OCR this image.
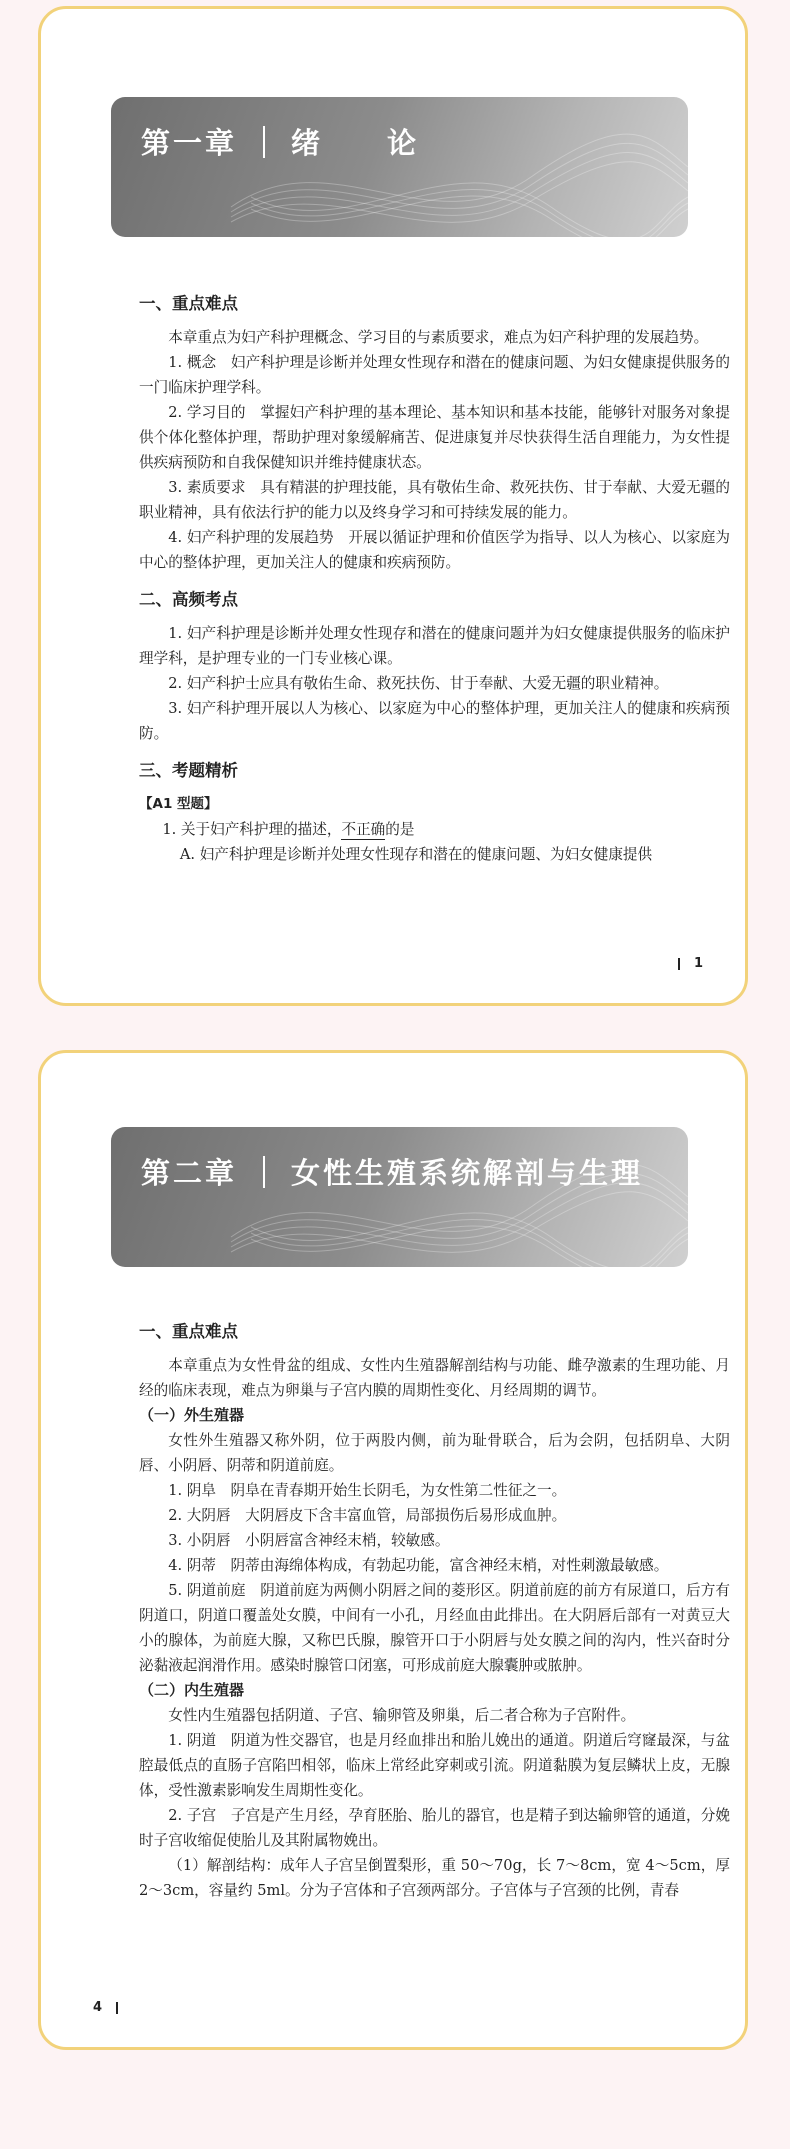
第一章 绪　　论

一、重点难点

本章重点为妇产科护理概念、学习目的与素质要求，难点为妇产科护理的发展趋势。

1. 概念　妇产科护理是诊断并处理女性现存和潜在的健康问题、为妇女健康提供服务的一门临床护理学科。

2. 学习目的　掌握妇产科护理的基本理论、基本知识和基本技能，能够针对服务对象提供个体化整体护理，帮助护理对象缓解痛苦、促进康复并尽快获得生活自理能力，为女性提供疾病预防和自我保健知识并维持健康状态。

3. 素质要求　具有精湛的护理技能，具有敬佑生命、救死扶伤、甘于奉献、大爱无疆的职业精神，具有依法行护的能力以及终身学习和可持续发展的能力。

4. 妇产科护理的发展趋势　开展以循证护理和价值医学为指导、以人为核心、以家庭为中心的整体护理，更加关注人的健康和疾病预防。

二、高频考点

1. 妇产科护理是诊断并处理女性现存和潜在的健康问题并为妇女健康提供服务的临床护理学科，是护理专业的一门专业核心课。

2. 妇产科护士应具有敬佑生命、救死扶伤、甘于奉献、大爱无疆的职业精神。

3. 妇产科护理开展以人为核心、以家庭为中心的整体护理，更加关注人的健康和疾病预防。

三、考题精析

【A1 型题】

1. 关于妇产科护理的描述，不正确的是

A. 妇产科护理是诊断并处理女性现存和潜在的健康问题、为妇女健康提供

1
第二章 女性生殖系统解剖与生理

一、重点难点

本章重点为女性骨盆的组成、女性内生殖器解剖结构与功能、雌孕激素的生理功能、月经的临床表现，难点为卵巢与子宫内膜的周期性变化、月经周期的调节。

（一）外生殖器

女性外生殖器又称外阴，位于两股内侧，前为耻骨联合，后为会阴，包括阴阜、大阴唇、小阴唇、阴蒂和阴道前庭。

1. 阴阜　阴阜在青春期开始生长阴毛，为女性第二性征之一。

2. 大阴唇　大阴唇皮下含丰富血管，局部损伤后易形成血肿。

3. 小阴唇　小阴唇富含神经末梢，较敏感。

4. 阴蒂　阴蒂由海绵体构成，有勃起功能，富含神经末梢，对性刺激最敏感。

5. 阴道前庭　阴道前庭为两侧小阴唇之间的菱形区。阴道前庭的前方有尿道口，后方有阴道口，阴道口覆盖处女膜，中间有一小孔，月经血由此排出。在大阴唇后部有一对黄豆大小的腺体，为前庭大腺，又称巴氏腺，腺管开口于小阴唇与处女膜之间的沟内，性兴奋时分泌黏液起润滑作用。感染时腺管口闭塞，可形成前庭大腺囊肿或脓肿。

（二）内生殖器

女性内生殖器包括阴道、子宫、输卵管及卵巢，后二者合称为子宫附件。

1. 阴道　阴道为性交器官，也是月经血排出和胎儿娩出的通道。阴道后穹窿最深，与盆腔最低点的直肠子宫陷凹相邻，临床上常经此穿刺或引流。阴道黏膜为复层鳞状上皮，无腺体，受性激素影响发生周期性变化。

2. 子宫　子宫是产生月经，孕育胚胎、胎儿的器官，也是精子到达输卵管的通道，分娩时子宫收缩促使胎儿及其附属物娩出。

（1）解剖结构：成年人子宫呈倒置梨形，重 50～70g，长 7～8cm，宽 4～5cm，厚 2～3cm，容量约 5ml。分为子宫体和子宫颈两部分。子宫体与子宫颈的比例，青春

4
